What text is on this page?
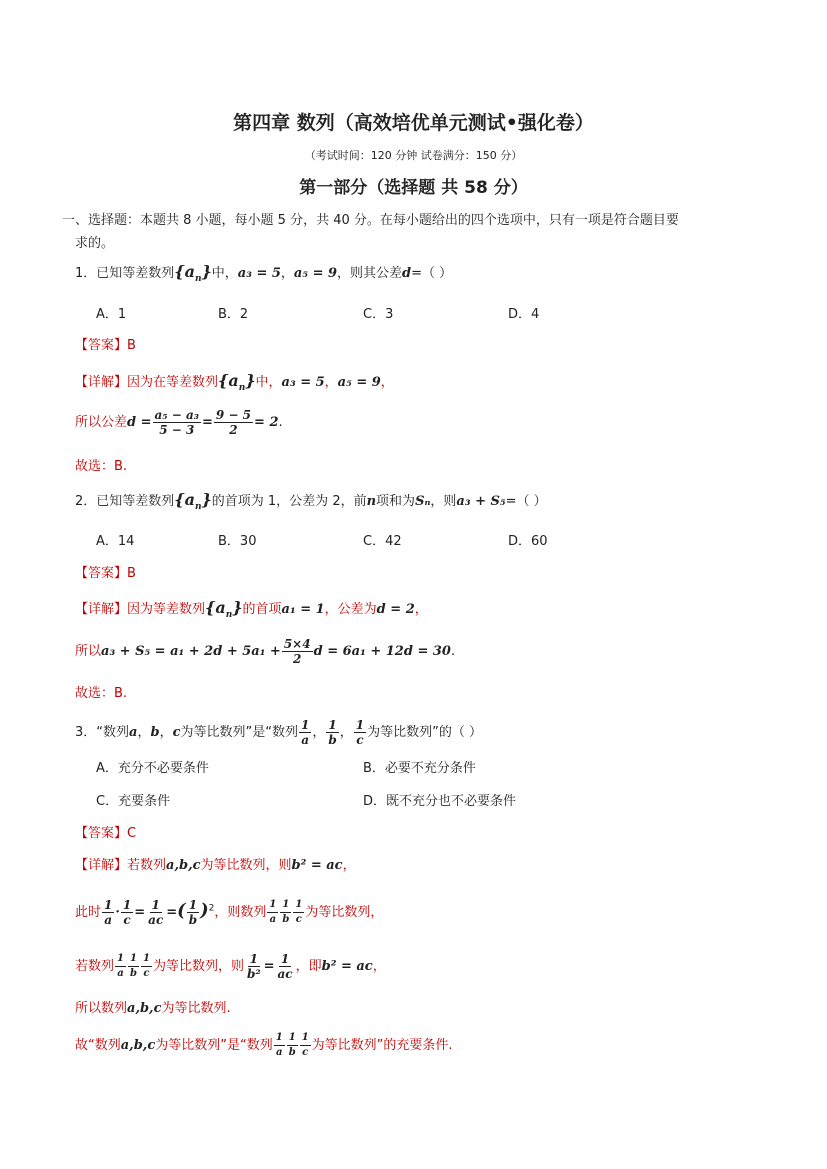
第四章 数列（高效培优单元测试•强化卷）
（考试时间：120 分钟 试卷满分：150 分）
第一部分（选择题 共 58 分）
一、选择题：本题共 8 小题，每小题 5 分，共 40 分。在每小题给出的四个选项中，只有一项是符合题目要
求的。
1．已知等差数列$\{a_n\}$中，a₃ = 5，a₅ = 9，则其公差d=（ ）
A．1	B．2	C．3	D．4
【答案】B
【详解】因为在等差数列$\{a_n\}$中，a₃ = 5，a₅ = 9，
所以公差$d = \frac{\text{a₅ − a₃}}{5 - 3} = \frac{9 - 5}{2} = 2$.
故选：B.
2．已知等差数列$\{a_n\}$的首项为 1，公差为 2，前n项和为Sₙ，则a₃ + S₅=（ ）
A．14	B．30	C．42	D．60
【答案】B
【详解】因为等差数列$\{a_n\}$的首项a₁ = 1，公差为d = 2，
所以$a_3 + S_5 = a_1 + 2d + 5a_1 + \frac{5\times 4}{2}$ d = 6a₁ + 12d = 30.
故选：B.
3．“数列a，b，c为等比数列”是“数列 $\frac{1}{a}$ ， $\frac{1}{b}$ ， $\frac{1}{c}$ 为等比数列”的（ ）
A．充分不必要条件	B．必要不充分条件
C．充要条件	D．既不充分也不必要条件
【答案】C
【详解】若数列a,b,c为等比数列，则b² = ac，
此时 $\frac{1}{a} \cdot \frac{1}{c} = \frac{1}{ac}$ =( $\frac{1}{b} )^2$，则数列 $\frac{1}{a} \frac{1}{b} \frac{1}{c}$ 为等比数列，
若数列 $\frac{1}{a} \frac{1}{b} \frac{1}{c}$ 为等比数列，则 $\frac{1}{\text{b²}} = \frac{1}{ac}$ ，即b² = ac，
所以数列a,b,c为等比数列.
故“数列a,b,c为等比数列”是“数列 $\frac{1}{a} \frac{1}{b} \frac{1}{c}$ 为等比数列”的充要条件.
